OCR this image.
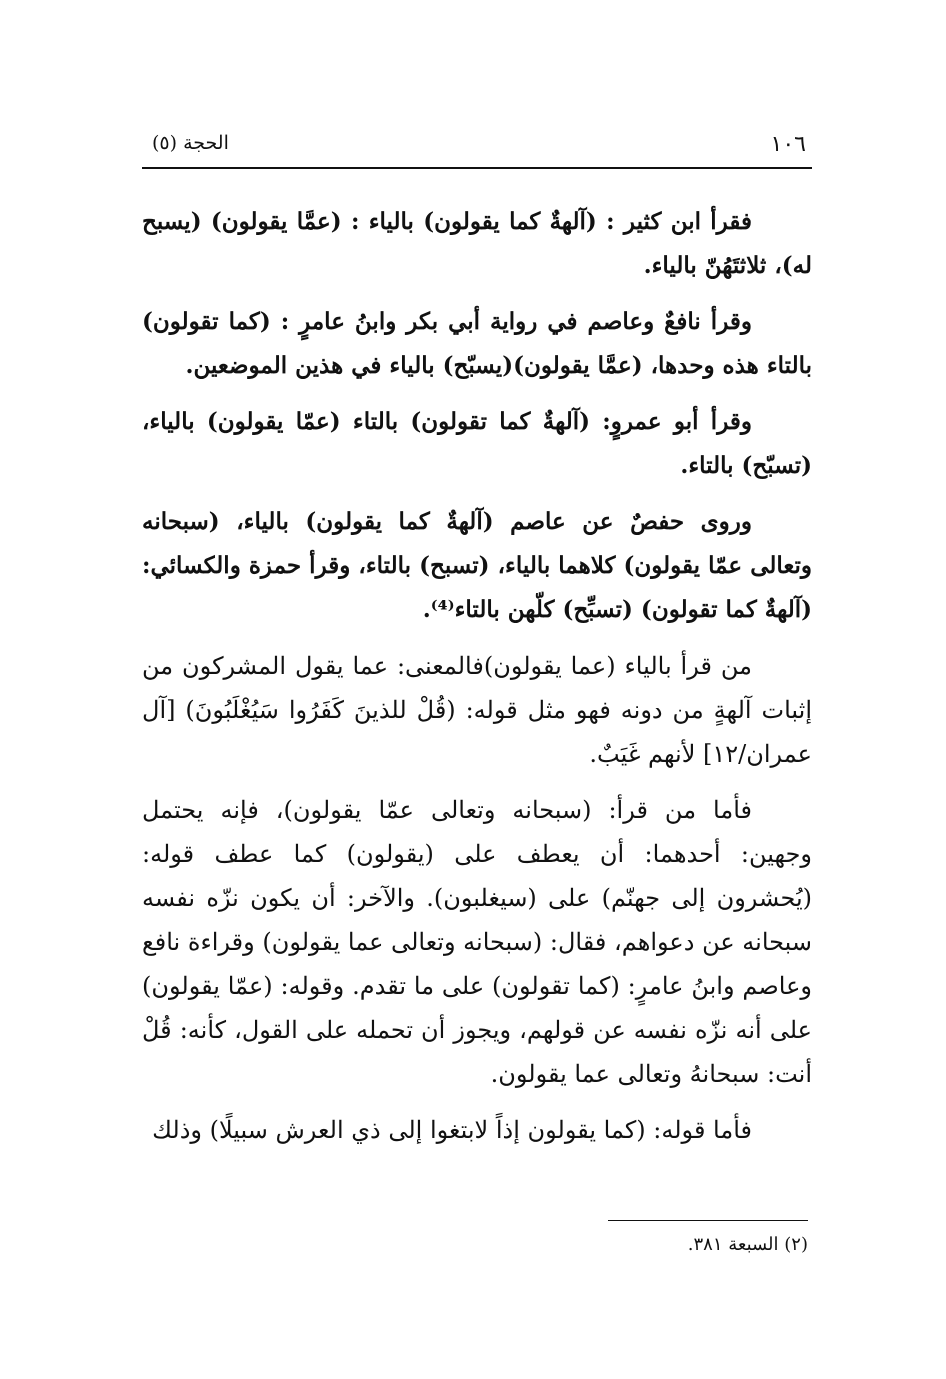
١٠٦
الحجة (٥)

فقرأ ابن كثير : (آلهةٌ كما يقولون) بالياء : (عمَّا يقولون) (يسبح له)، ثلاثتَهُنّ بالياء.

وقرأ نافعٌ وعاصم في رواية أبي بكر وابنُ عامرٍ : (كما تقولون) بالتاء هذه وحدها، (عمَّا يقولون)(يسبّح) بالياء في هذين الموضعين.

وقرأ أبو عمروٍ: (آلهةٌ كما تقولون) بالتاء (عمّا يقولون) بالياء، (تسبّح) بالتاء.

وروى حفصٌ عن عاصم (آلهةٌ كما يقولون) بالياء، (سبحانه وتعالى عمّا يقولون) كلاهما بالياء، (تسبح) بالتاء، وقرأ حمزة والكسائي: (آلهةٌ كما تقولون) (تسبِّح) كلّهن بالتاء⁽⁴⁾.

من قرأ بالياء (عما يقولون)فالمعنى: عما يقول المشركون من إثبات آلهةٍ من دونه فهو مثل قوله: (قُلْ للذينَ كَفَرُوا سَيُغْلَبُونَ) [آل عمران/١٢] لأنهم غَيَبٌ.

فأما من قرأ: (سبحانه وتعالى عمّا يقولون)، فإنه يحتمل وجهين: أحدهما: أن يعطف على (يقولون) كما عطف قوله: (يُحشرون إلى جهنّم) على (سيغلبون). والآخر: أن يكون نزّه نفسه سبحانه عن دعواهم، فقال: (سبحانه وتعالى عما يقولون) وقراءة نافع وعاصم وابنُ عامرٍ: (كما تقولون) على ما تقدم. وقوله: (عمّا يقولون) على أنه نزّه نفسه عن قولهم، ويجوز أن تحمله على القول، كأنه: قُلْ أنت: سبحانهُ وتعالى عما يقولون.

فأما قوله: (كما يقولون إذاً لابتغوا إلى ذي العرش سبيلًا) وذلك

(٢) السبعة ٣٨١.
